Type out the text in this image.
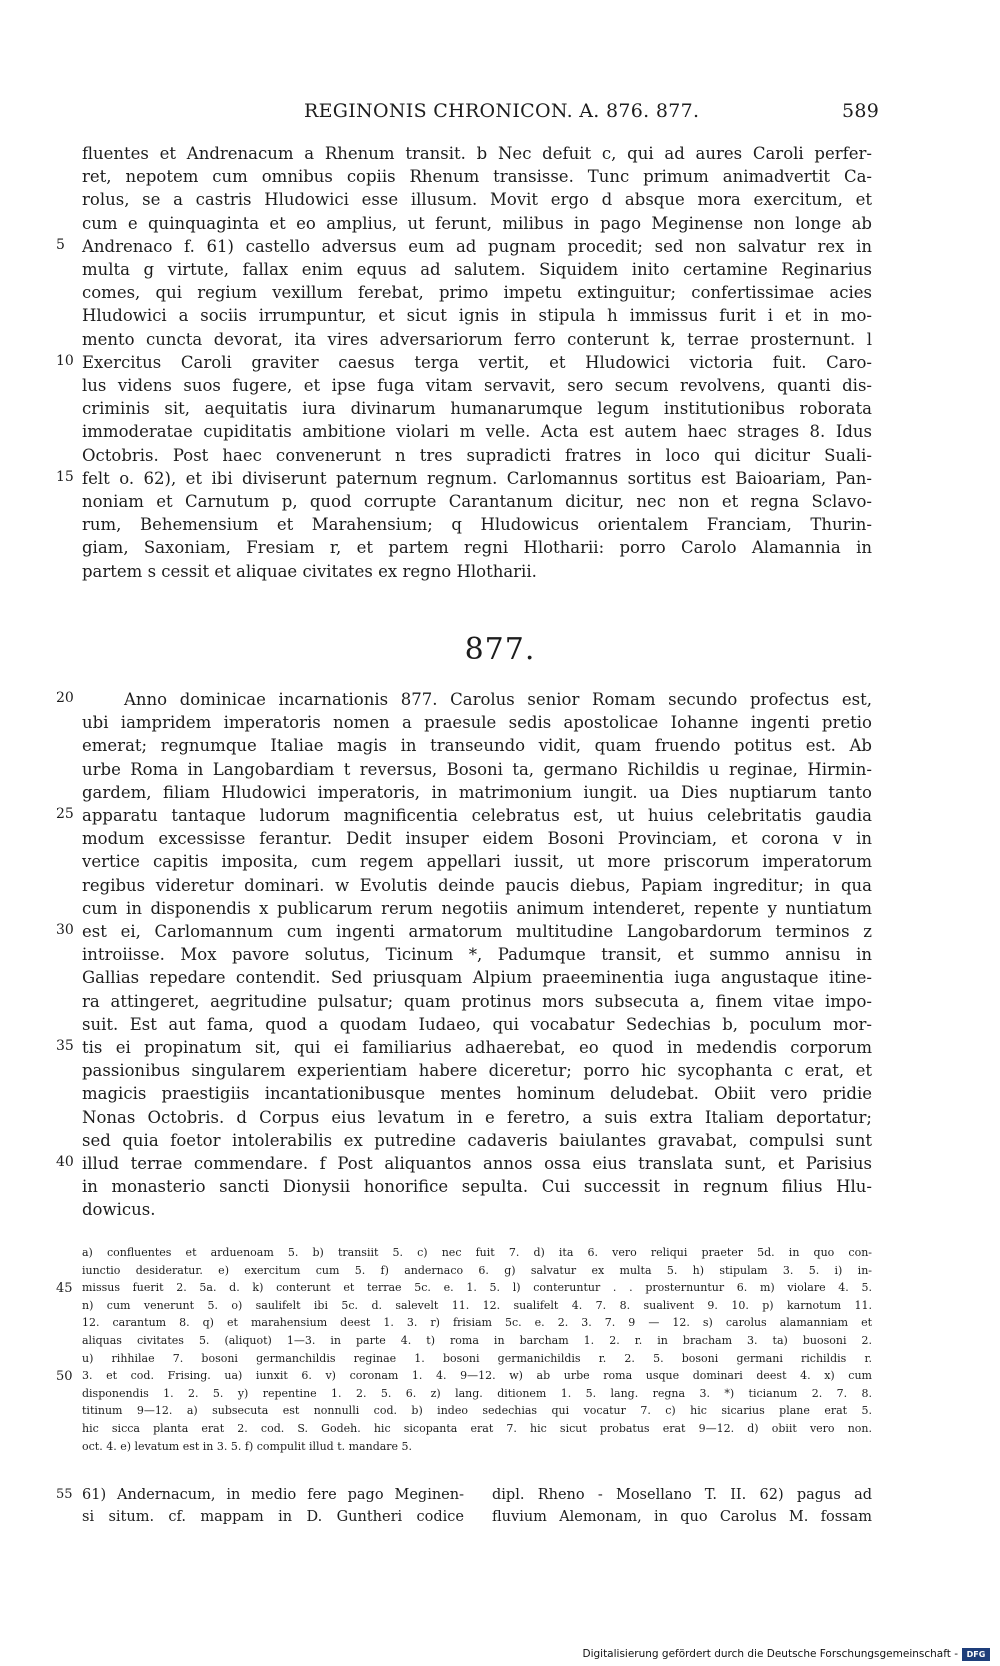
REGINONIS CHRONICON. A. 876. 877.	589
fluentes et Andrenacum a Rhenum transit. b Nec defuit c, qui ad aures Caroli perfer-
ret, nepotem cum omnibus copiis Rhenum transisse. Tunc primum animadvertit Ca-
rolus, se a castris Hludowici esse illusum. Movit ergo d absque mora exercitum, et
cum e quinquaginta et eo amplius, ut ferunt, milibus in pago Meginense non longe ab
5 Andrenaco f. 61) castello adversus eum ad pugnam procedit; sed non salvatur rex in
multa g virtute, fallax enim equus ad salutem. Siquidem inito certamine Reginarius
comes, qui regium vexillum ferebat, primo impetu extinguitur; confertissimae acies
Hludowici a sociis irrumpuntur, et sicut ignis in stipula h immissus furit i et in mo-
mento cuncta devorat, ita vires adversariorum ferro conterunt k, terrae prosternunt. l
10 Exercitus Caroli graviter caesus terga vertit, et Hludowici victoria fuit. Caro-
lus videns suos fugere, et ipse fuga vitam servavit, sero secum revolvens, quanti dis-
criminis sit, aequitatis iura divinarum humanarumque legum institutionibus roborata
immoderatae cupiditatis ambitione violari m velle. Acta est autem haec strages 8. Idus
Octobris. Post haec convenerunt n tres supradicti fratres in loco qui dicitur Suali-
15 felt o. 62), et ibi diviserunt paternum regnum. Carlomannus sortitus est Baioariam, Pan-
noniam et Carnutum p, quod corrupte Carantanum dicitur, nec non et regna Sclavo-
rum, Behemensium et Marahensium; q Hludowicus orientalem Franciam, Thurin-
giam, Saxoniam, Fresiam r, et partem regni Hlotharii: porro Carolo Alamannia in
partem s cessit et aliquae civitates ex regno Hlotharii.
877.
20	Anno dominicae incarnationis 877. Carolus senior Romam secundo profectus est,
ubi iampridem imperatoris nomen a praesule sedis apostolicae Iohanne ingenti pretio
emerat; regnumque Italiae magis in transeundo vidit, quam fruendo potitus est. Ab
urbe Roma in Langobardiam t reversus, Bosoni ta, germano Richildis u reginae, Hirmin-
gardem, filiam Hludowici imperatoris, in matrimonium iungit. ua Dies nuptiarum tanto
25 apparatu tantaque ludorum magnificentia celebratus est, ut huius celebritatis gaudia
modum excessisse ferantur. Dedit insuper eidem Bosoni Provinciam, et corona v in
vertice capitis imposita, cum regem appellari iussit, ut more priscorum imperatorum
regibus videretur dominari. w Evolutis deinde paucis diebus, Papiam ingreditur; in qua
cum in disponendis x publicarum rerum negotiis animum intenderet, repente y nuntiatum
30 est ei, Carlomannum cum ingenti armatorum multitudine Langobardorum terminos z
introiisse. Mox pavore solutus, Ticinum *, Padumque transit, et summo annisu in
Gallias repedare contendit. Sed priusquam Alpium praeeminentia iuga angustaque itine-
ra attingeret, aegritudine pulsatur; quam protinus mors subsecuta a, finem vitae impo-
suit. Est aut fama, quod a quodam Iudaeo, qui vocabatur Sedechias b, poculum mor-
35 tis ei propinatum sit, qui ei familiarius adhaerebat, eo quod in medendis corporum
passionibus singularem experientiam habere diceretur; porro hic sycophanta c erat, et
magicis praestigiis incantationibusque mentes hominum deludebat. Obiit vero pridie
Nonas Octobris. d Corpus eius levatum in e feretro, a suis extra Italiam deportatur;
sed quia foetor intolerabilis ex putredine cadaveris baiulantes gravabat, compulsi sunt
40 illud terrae commendare. f Post aliquantos annos ossa eius translata sunt, et Parisius
in monasterio sancti Dionysii honorifice sepulta. Cui successit in regnum filius Hlu-
dowicus.
a) confluentes et arduenoam 5. b) transiit 5. c) nec fuit 7. d) ita 6. vero reliqui praeter 5d. in quo con-
iunctio desideratur. e) exercitum cum 5. f) andernaco 6. g) salvatur ex multa 5. h) stipulam 3. 5. i) in-
45 missus fuerit 2. 5a. d. k) conterunt et terrae 5c. e. 1. 5. l) conteruntur . . prosternuntur 6. m) violare 4. 5.
n) cum venerunt 5. o) saulifelt ibi 5c. d. salevelt 11. 12. sualifelt 4. 7. 8. sualivent 9. 10. p) karnotum 11.
12. carantum 8. q) et marahensium deest 1. 3. r) frisiam 5c. e. 2. 3. 7. 9 — 12. s) carolus alamanniam et
aliquas civitates 5. (aliquot) 1—3. in parte 4. t) roma in barcham 1. 2. r. in bracham 3. ta) buosoni 2.
u) rihhilae 7. bosoni germanchildis reginae 1. bosoni germanichildis r. 2. 5. bosoni germani richildis r.
50 3. et cod. Frising. ua) iunxit 6. v) coronam 1. 4. 9—12. w) ab urbe roma usque dominari deest 4. x) cum
disponendis 1. 2. 5. y) repentine 1. 2. 5. 6. z) lang. ditionem 1. 5. lang. regna 3. *) ticianum 2. 7. 8.
titinum 9—12. a) subsecuta est nonnulli cod. b) indeo sedechias qui vocatur 7. c) hic sicarius plane erat 5.
hic sicca planta erat 2. cod. S. Godeh. hic sicopanta erat 7. hic sicut probatus erat 9—12. d) obiit vero non.
oct. 4. e) levatum est in 3. 5. f) compulit illud t. mandare 5.
55 61) Andernacum, in medio fere pago Meginen- dipl. Rheno - Mosellano T. II. 62) pagus ad
si situm. cf. mappam in D. Guntheri codice fluvium Alemonam, in quo Carolus M. fossam
Digitalisierung gefördert durch die Deutsche Forschungsgemeinschaft -	DFG
